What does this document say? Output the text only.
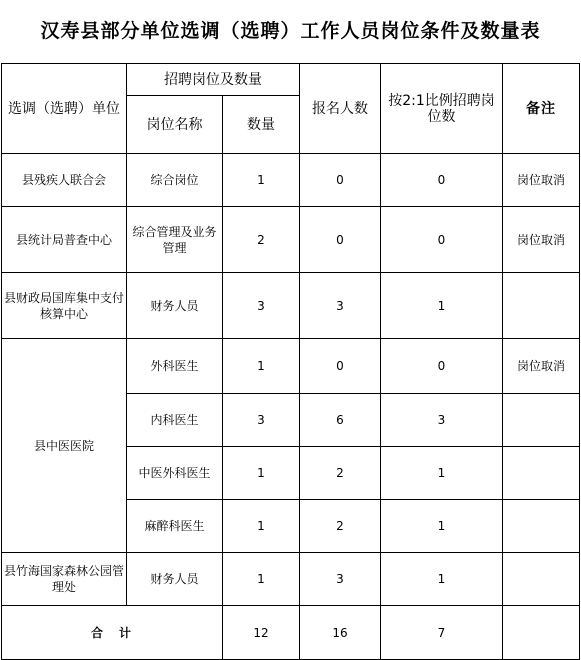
汉寿县部分单位选调（选聘）工作人员岗位条件及数量表
选调（选聘）单位	招聘岗位及数量		报名人数	按2:1比例招聘岗位数	备注
	岗位名称	数量			
县残疾人联合会	综合岗位	1	0	0	岗位取消
县统计局普查中心	综合管理及业务管理	2	0	0	岗位取消
县财政局国库集中支付核算中心	财务人员	3	3	1	
县中医医院	外科医生	1	0	0	岗位取消
	内科医生	3	6	3	
	中医外科医生	1	2	1	
	麻醉科医生	1	2	1	
县竹海国家森林公园管理处	财务人员	1	3	1	
合　计		12	16	7	
